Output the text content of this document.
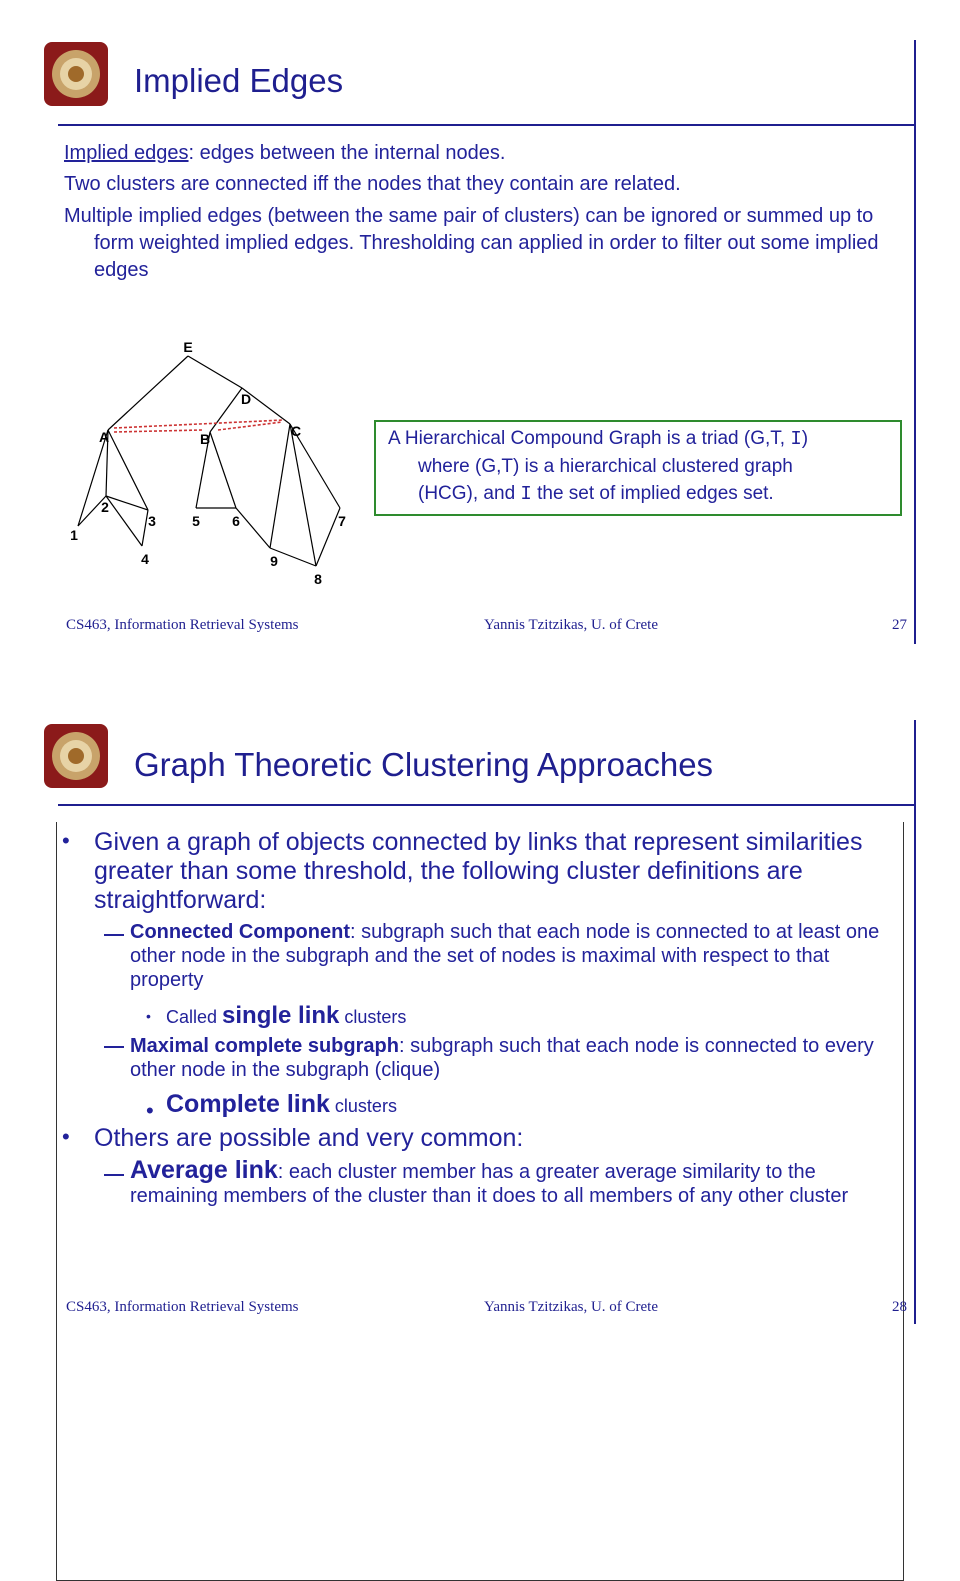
Implied Edges
Implied edges: edges between the internal nodes.
Two clusters are connected iff the nodes that they contain are related.
Multiple implied edges (between the same pair of clusters) can be ignored or summed up to form weighted implied edges. Thresholding can applied in order to filter out some implied edges
E
D
A	B	C
1
2
3
4
5 6	7
8
9
A Hierarchical Compound Graph is a triad (G,T, I)
where (G,T) is a hierarchical clustered graph
(HCG), and I the set of implied edges set.
CS463, Information Retrieval Systems	Yannis Tzitzikas, U. of Crete	27
Graph Theoretic Clustering Approaches
• Given a graph of objects connected by links that represent similarities greater than some threshold, the following cluster definitions are straightforward:
Connected Component: subgraph such that each node is connected to at least one other node in the subgraph and the set of nodes is maximal with respect to that property
• Called single link clusters
Maximal complete subgraph: subgraph such that each node is connected to every other node in the subgraph (clique)
• Complete link clusters
• Others are possible and very common:
Average link: each cluster member has a greater average similarity to the remaining members of the cluster than it does to all members of any other cluster
CS463, Information Retrieval Systems	Yannis Tzitzikas, U. of Crete	28
